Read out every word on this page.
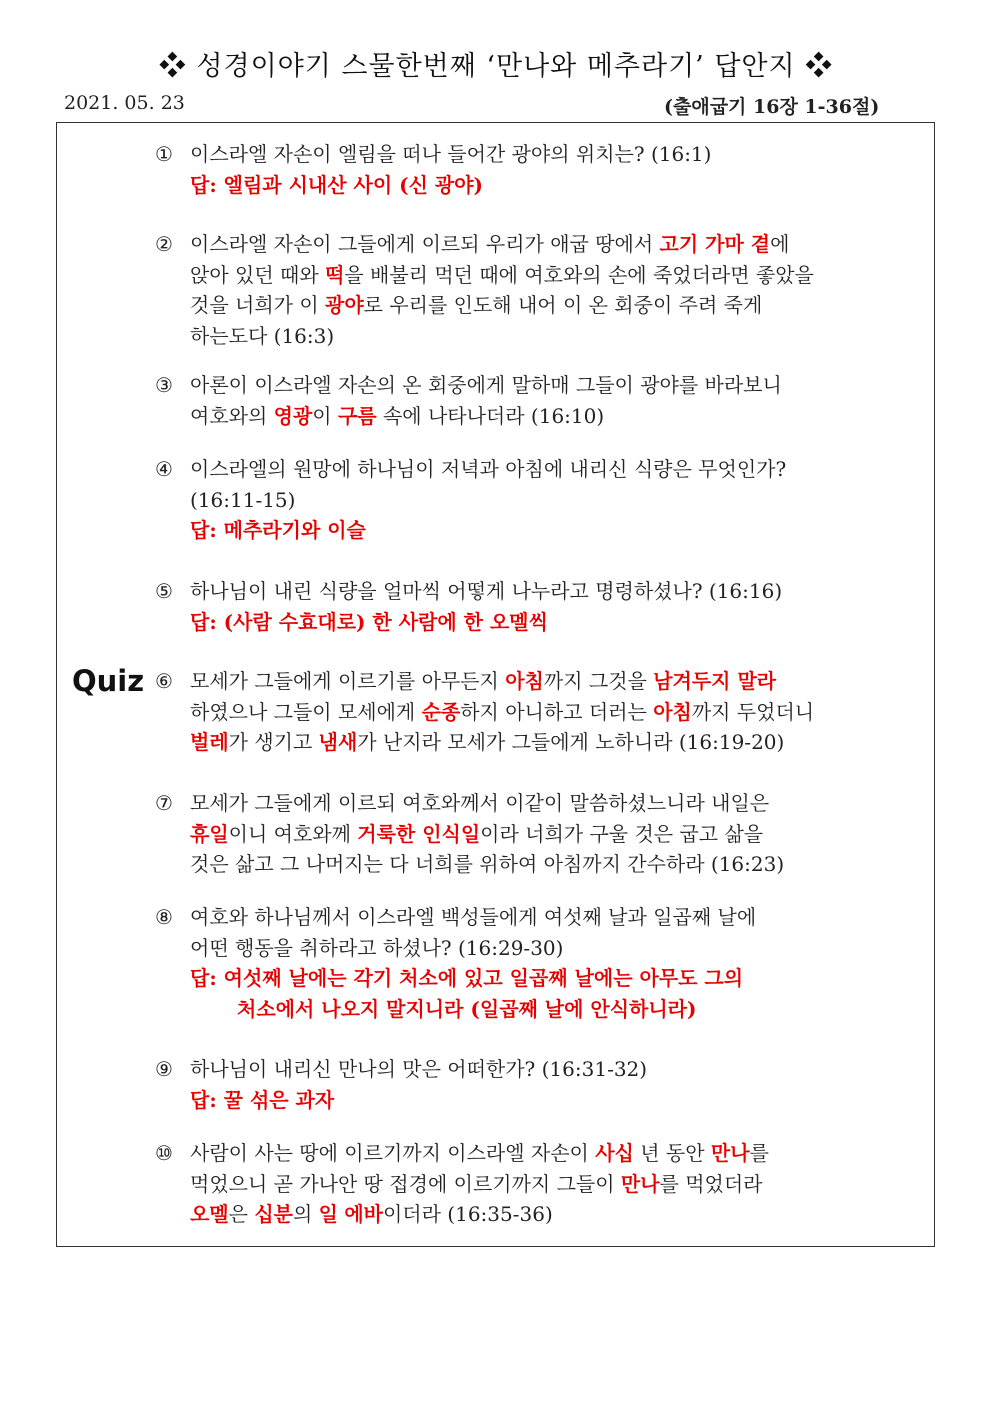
❖ 성경이야기 스물한번째 ‘만나와 메추라기’ 답안지 ❖
2021. 05. 23	(출애굽기 16장 1-36절)
Quiz
① 이스라엘 자손이 엘림을 떠나 들어간 광야의 위치는? (16:1)
답: 엘림과 시내산 사이 (신 광야)
② 이스라엘 자손이 그들에게 이르되 우리가 애굽 땅에서 고기 가마 곁에
앉아 있던 때와 떡을 배불리 먹던 때에 여호와의 손에 죽었더라면 좋았을
것을 너희가 이 광야로 우리를 인도해 내어 이 온 회중이 주려 죽게
하는도다 (16:3)
③ 아론이 이스라엘 자손의 온 회중에게 말하매 그들이 광야를 바라보니
여호와의 영광이 구름 속에 나타나더라 (16:10)
④ 이스라엘의 원망에 하나님이 저녁과 아침에 내리신 식량은 무엇인가?
(16:11-15)
답: 메추라기와 이슬
⑤ 하나님이 내린 식량을 얼마씩 어떻게 나누라고 명령하셨나? (16:16)
답: (사람 수효대로) 한 사람에 한 오멜씩
⑥ 모세가 그들에게 이르기를 아무든지 아침까지 그것을 남겨두지 말라
하였으나 그들이 모세에게 순종하지 아니하고 더러는 아침까지 두었더니
벌레가 생기고 냄새가 난지라 모세가 그들에게 노하니라 (16:19-20)
⑦ 모세가 그들에게 이르되 여호와께서 이같이 말씀하셨느니라 내일은
휴일이니 여호와께 거룩한 인식일이라 너희가 구울 것은 굽고 삶을
것은 삶고 그 나머지는 다 너희를 위하여 아침까지 간수하라 (16:23)
⑧ 여호와 하나님께서 이스라엘 백성들에게 여섯째 날과 일곱째 날에
어떤 행동을 취하라고 하셨나? (16:29-30)
답: 여섯째 날에는 각기 처소에 있고 일곱째 날에는 아무도 그의
처소에서 나오지 말지니라 (일곱째 날에 안식하니라)
⑨ 하나님이 내리신 만나의 맛은 어떠한가? (16:31-32)
답: 꿀 섞은 과자
⑩ 사람이 사는 땅에 이르기까지 이스라엘 자손이 사십 년 동안 만나를
먹었으니 곧 가나안 땅 접경에 이르기까지 그들이 만나를 먹었더라
오멜은 십분의 일 에바이더라 (16:35-36)
